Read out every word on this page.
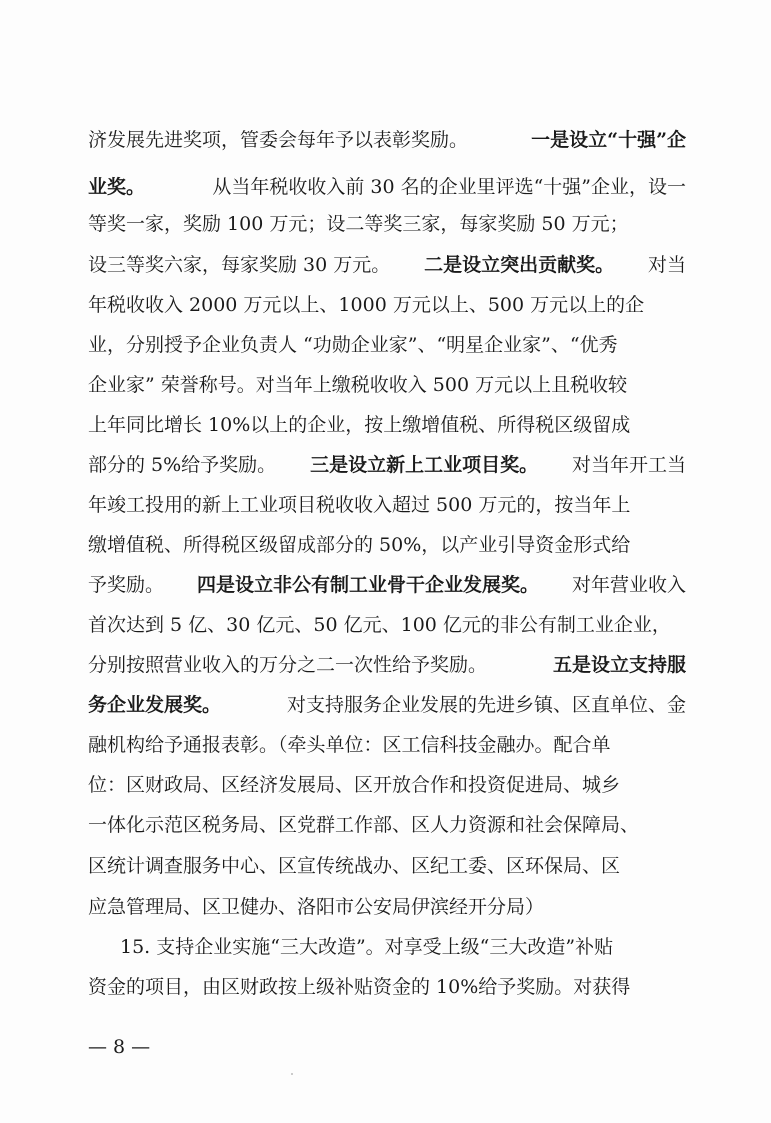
济发展先进奖项，管委会每年予以表彰奖励。	一是设立“十强”企
业奖。	从当年税收收入前 30 名的企业里评选“十强”企业，设一
等奖一家，奖励 100 万元；设二等奖三家，每家奖励 50 万元；
设三等奖六家，每家奖励 30 万元。 二是设立突出贡献奖。 对当
年税收收入 2000 万元以上、1000 万元以上、500 万元以上的企
业，分别授予企业负责人 “功勋企业家”、“明星企业家”、“优秀
企业家” 荣誉称号。对当年上缴税收收入 500 万元以上且税收较
上年同比增长 10%以上的企业，按上缴增值税、所得税区级留成
部分的 5%给予奖励。 三是设立新上工业项目奖。 对当年开工当
年竣工投用的新上工业项目税收收入超过 500 万元的，按当年上
缴增值税、所得税区级留成部分的 50%，以产业引导资金形式给
予奖励。 四是设立非公有制工业骨干企业发展奖。 对年营业收入
首次达到 5 亿、30 亿元、50 亿元、100 亿元的非公有制工业企业，
分别按照营业收入的万分之二一次性给予奖励。	五是设立支持服
务企业发展奖。	对支持服务企业发展的先进乡镇、区直单位、金
融机构给予通报表彰。（牵头单位：区工信科技金融办。配合单
位：区财政局、区经济发展局、区开放合作和投资促进局、城乡
一体化示范区税务局、区党群工作部、区人力资源和社会保障局、
区统计调查服务中心、区宣传统战办、区纪工委、区环保局、区
应急管理局、区卫健办、洛阳市公安局伊滨经开分局）
15. 支持企业实施“三大改造”。对享受上级“三大改造”补贴
资金的项目，由区财政按上级补贴资金的 10%给予奖励。对获得
— 8 —
